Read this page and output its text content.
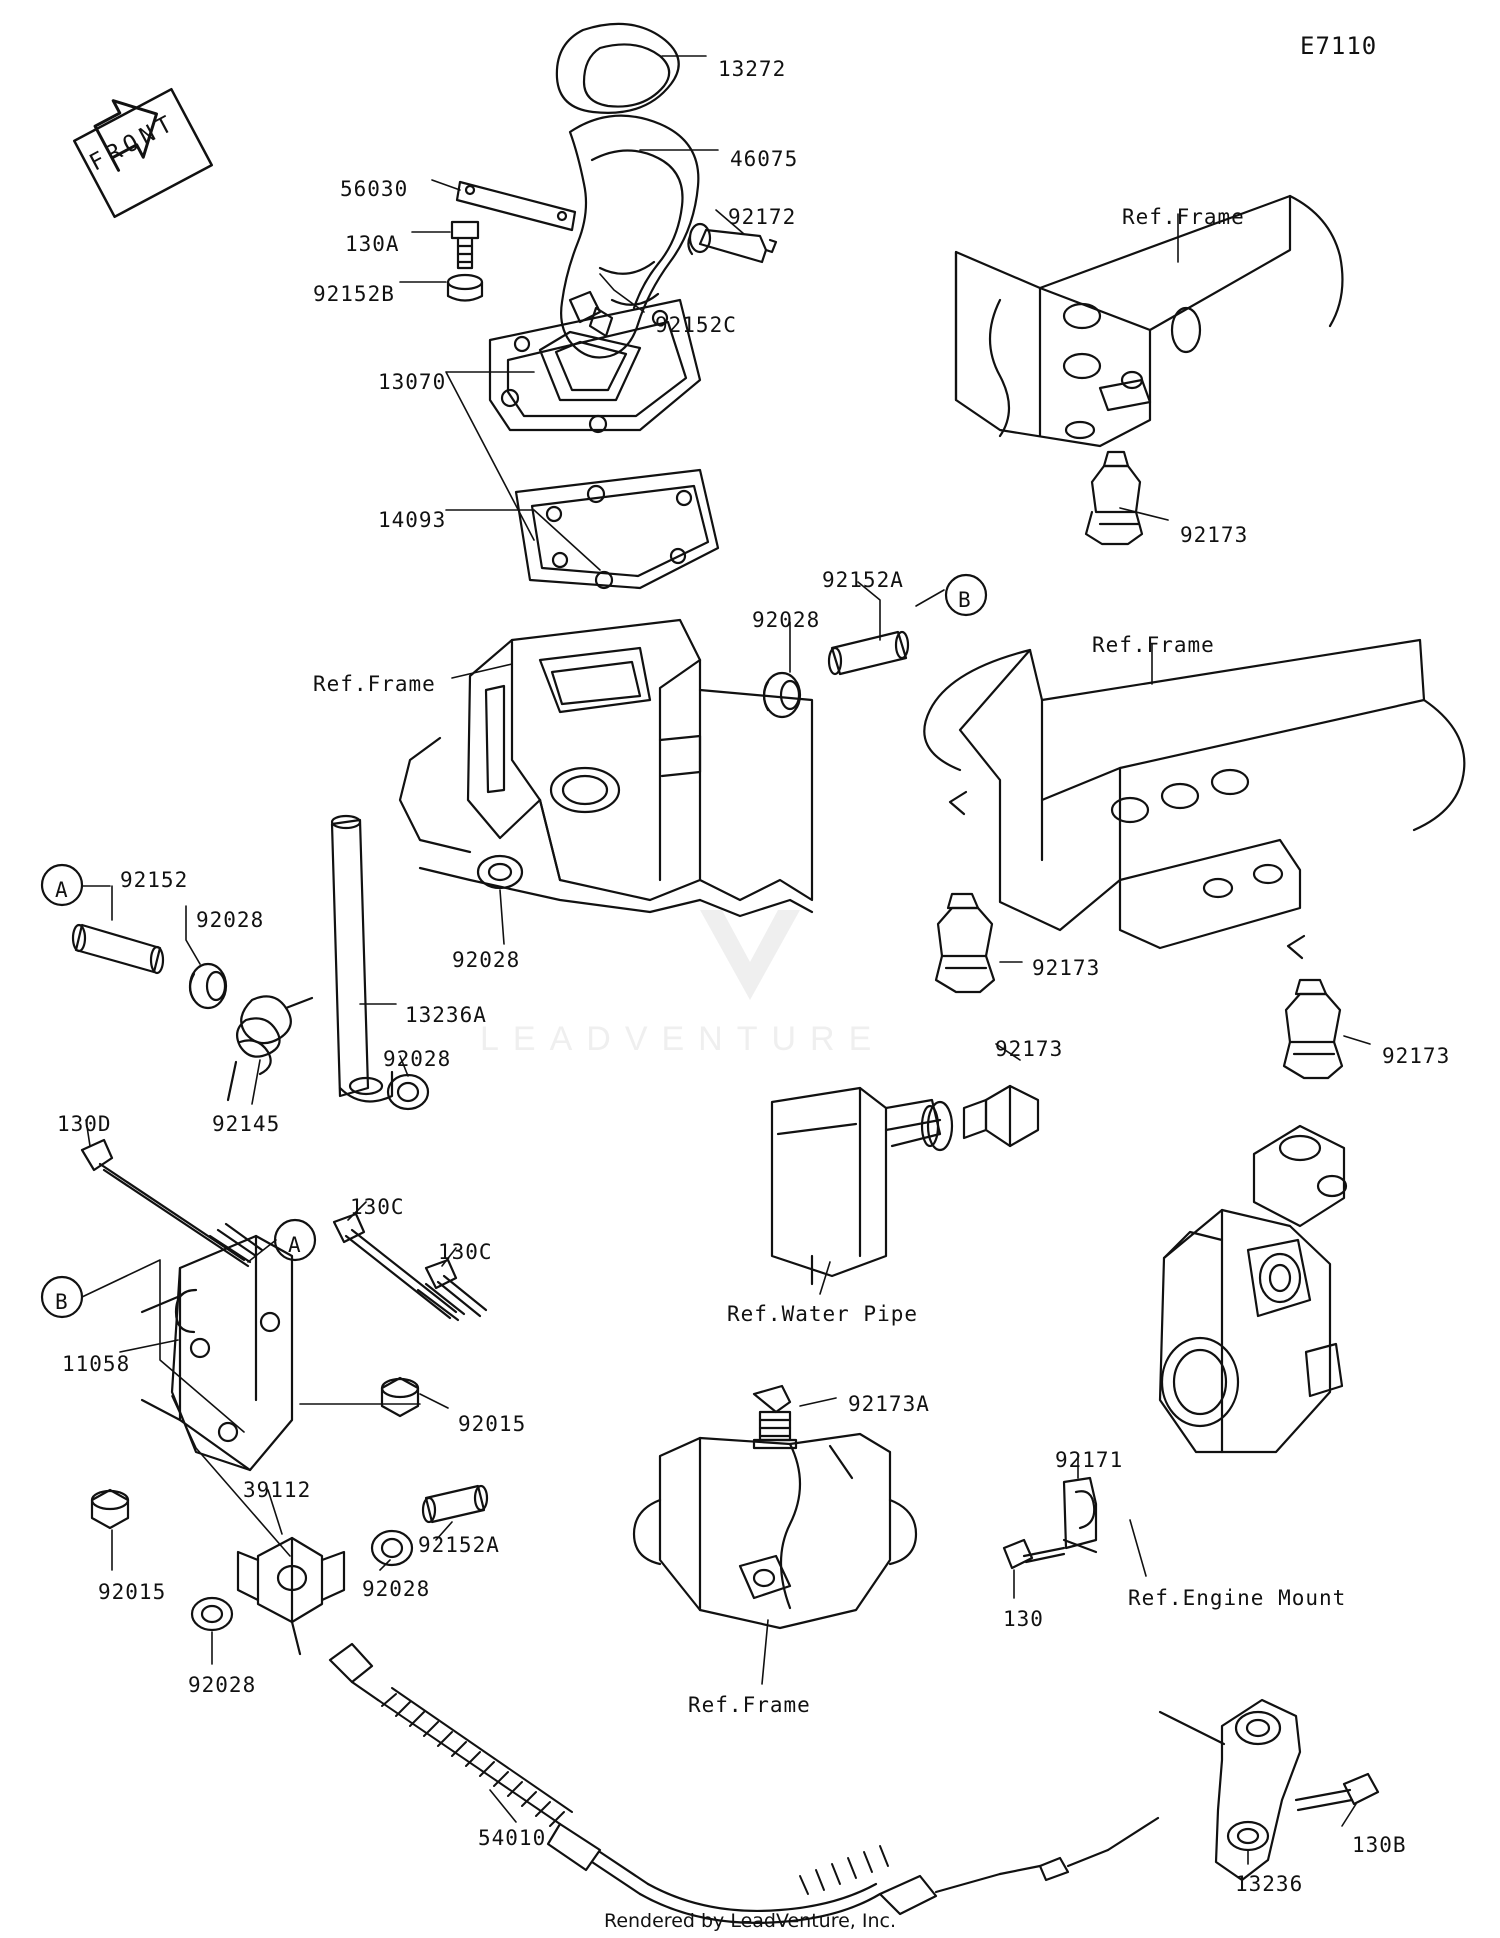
13272
46075
56030
92172
130A
92152B
92152C
13070
14093
Ref.Frame
92173
92152A
92028
B
Ref.Frame
Ref.Frame
92028
A 92152
92028
13236A
92028
92145
92173
92173
92173
Ref.Water Pipe
130D
130C
130C
A
B
11058
92015
92015
39112
92028
92152A
92028
92173A
Ref.Frame
92171
130
Ref.Engine Mount
54010
13236
130B
E7110
FRONT
LEADVENTURE
Rendered by LeadVenture, Inc.
